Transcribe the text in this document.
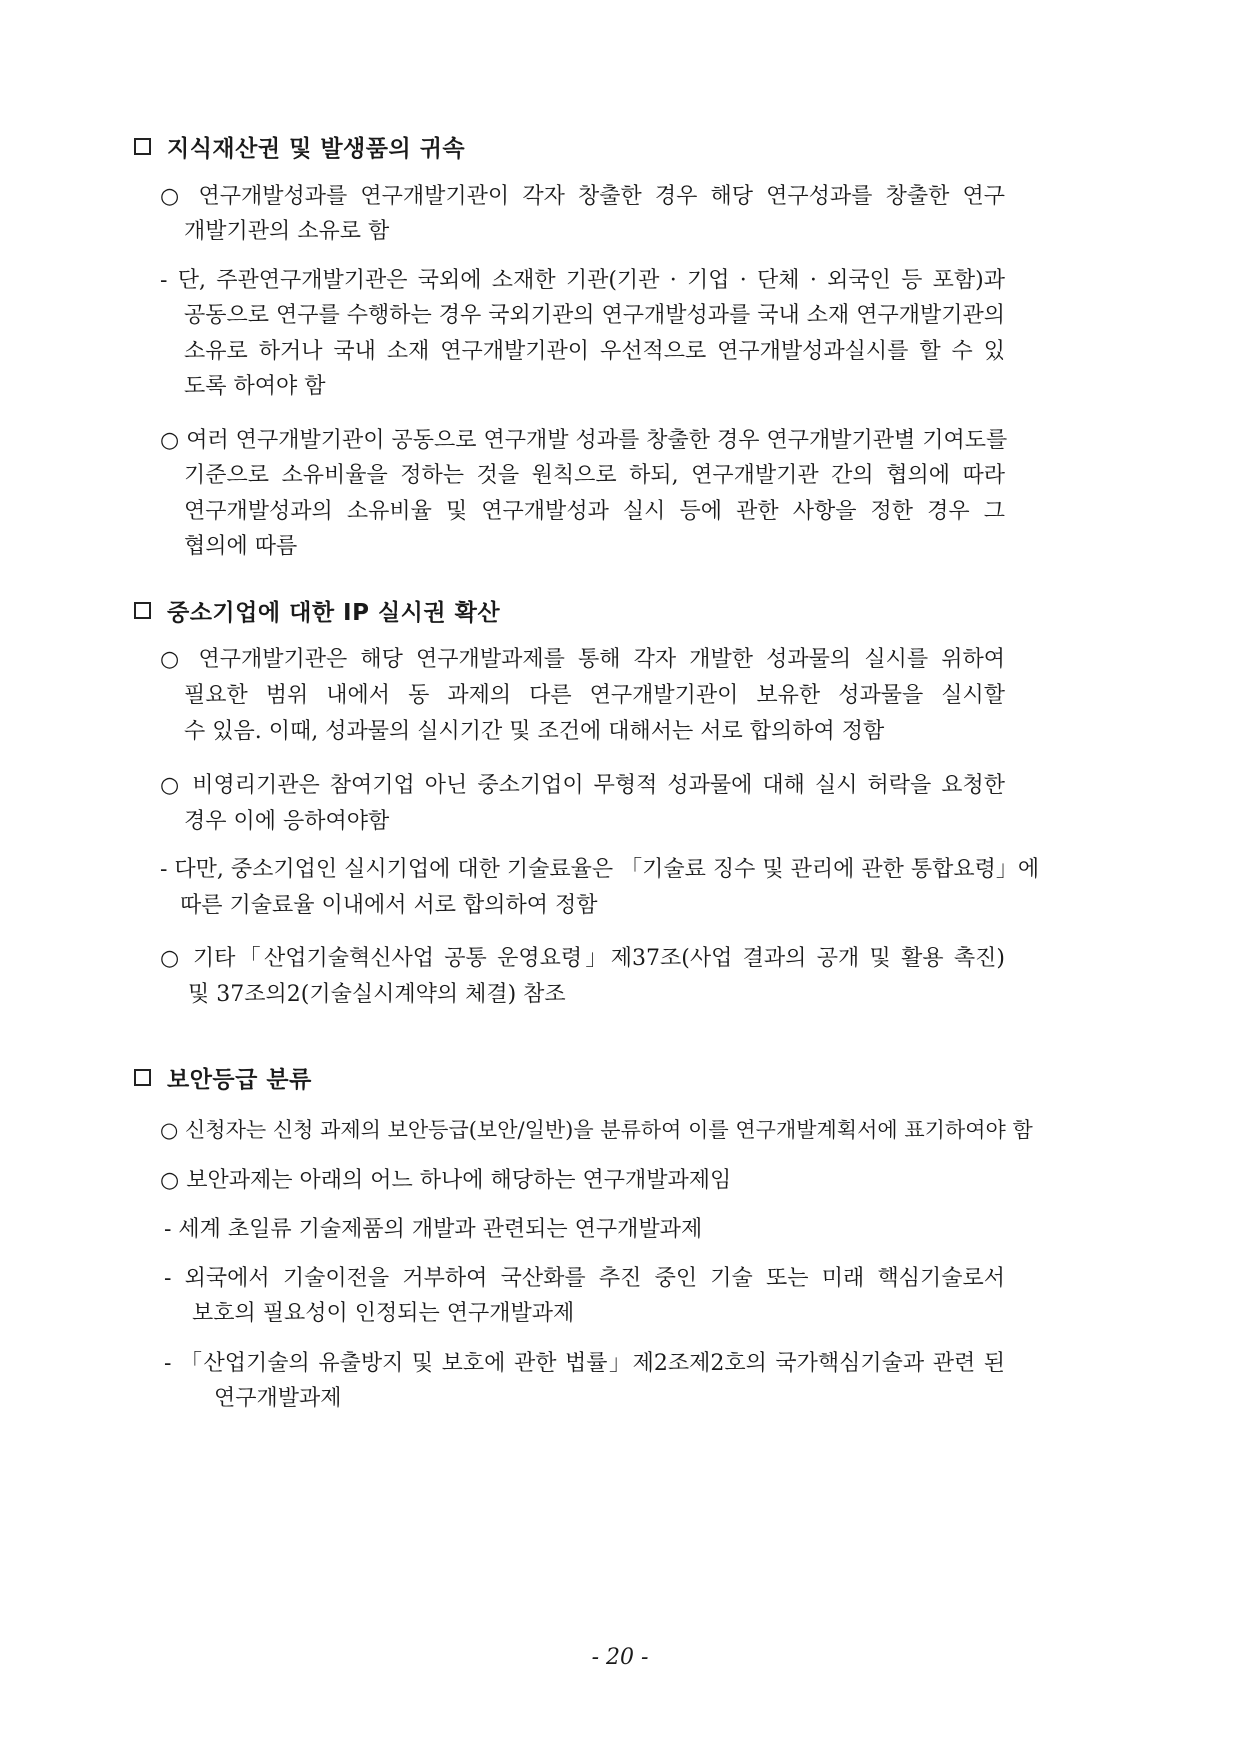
지식재산권 및 발생품의 귀속
○ 연구개발성과를 연구개발기관이 각자 창출한 경우 해당 연구성과를 창출한 연구
개발기관의 소유로 함
- 단, 주관연구개발기관은 국외에 소재한 기관(기관 · 기업 · 단체 · 외국인 등 포함)과
공동으로 연구를 수행하는 경우 국외기관의 연구개발성과를 국내 소재 연구개발기관의
소유로 하거나 국내 소재 연구개발기관이 우선적으로 연구개발성과실시를 할 수 있
도록 하여야 함
○ 여러 연구개발기관이 공동으로 연구개발 성과를 창출한 경우 연구개발기관별 기여도를
기준으로 소유비율을 정하는 것을 원칙으로 하되, 연구개발기관 간의 협의에 따라
연구개발성과의 소유비율 및 연구개발성과 실시 등에 관한 사항을 정한 경우 그
협의에 따름
중소기업에 대한 IP 실시권 확산
○ 연구개발기관은 해당 연구개발과제를 통해 각자 개발한 성과물의 실시를 위하여
필요한 범위 내에서 동 과제의 다른 연구개발기관이 보유한 성과물을 실시할
수 있음. 이때, 성과물의 실시기간 및 조건에 대해서는 서로 합의하여 정함
○ 비영리기관은 참여기업 아닌 중소기업이 무형적 성과물에 대해 실시 허락을 요청한
경우 이에 응하여야함
- 다만, 중소기업인 실시기업에 대한 기술료율은 「기술료 징수 및 관리에 관한 통합요령」에
따른 기술료율 이내에서 서로 합의하여 정함
○ 기타「산업기술혁신사업 공통 운영요령」제37조(사업 결과의 공개 및 활용 촉진)
및 37조의2(기술실시계약의 체결) 참조
보안등급 분류
○ 신청자는 신청 과제의 보안등급(보안/일반)을 분류하여 이를 연구개발계획서에 표기하여야 함
○ 보안과제는 아래의 어느 하나에 해당하는 연구개발과제임
- 세계 초일류 기술제품의 개발과 관련되는 연구개발과제
- 외국에서 기술이전을 거부하여 국산화를 추진 중인 기술 또는 미래 핵심기술로서
보호의 필요성이 인정되는 연구개발과제
- 「산업기술의 유출방지 및 보호에 관한 법률」제2조제2호의 국가핵심기술과 관련 된
연구개발과제
- 20 -
